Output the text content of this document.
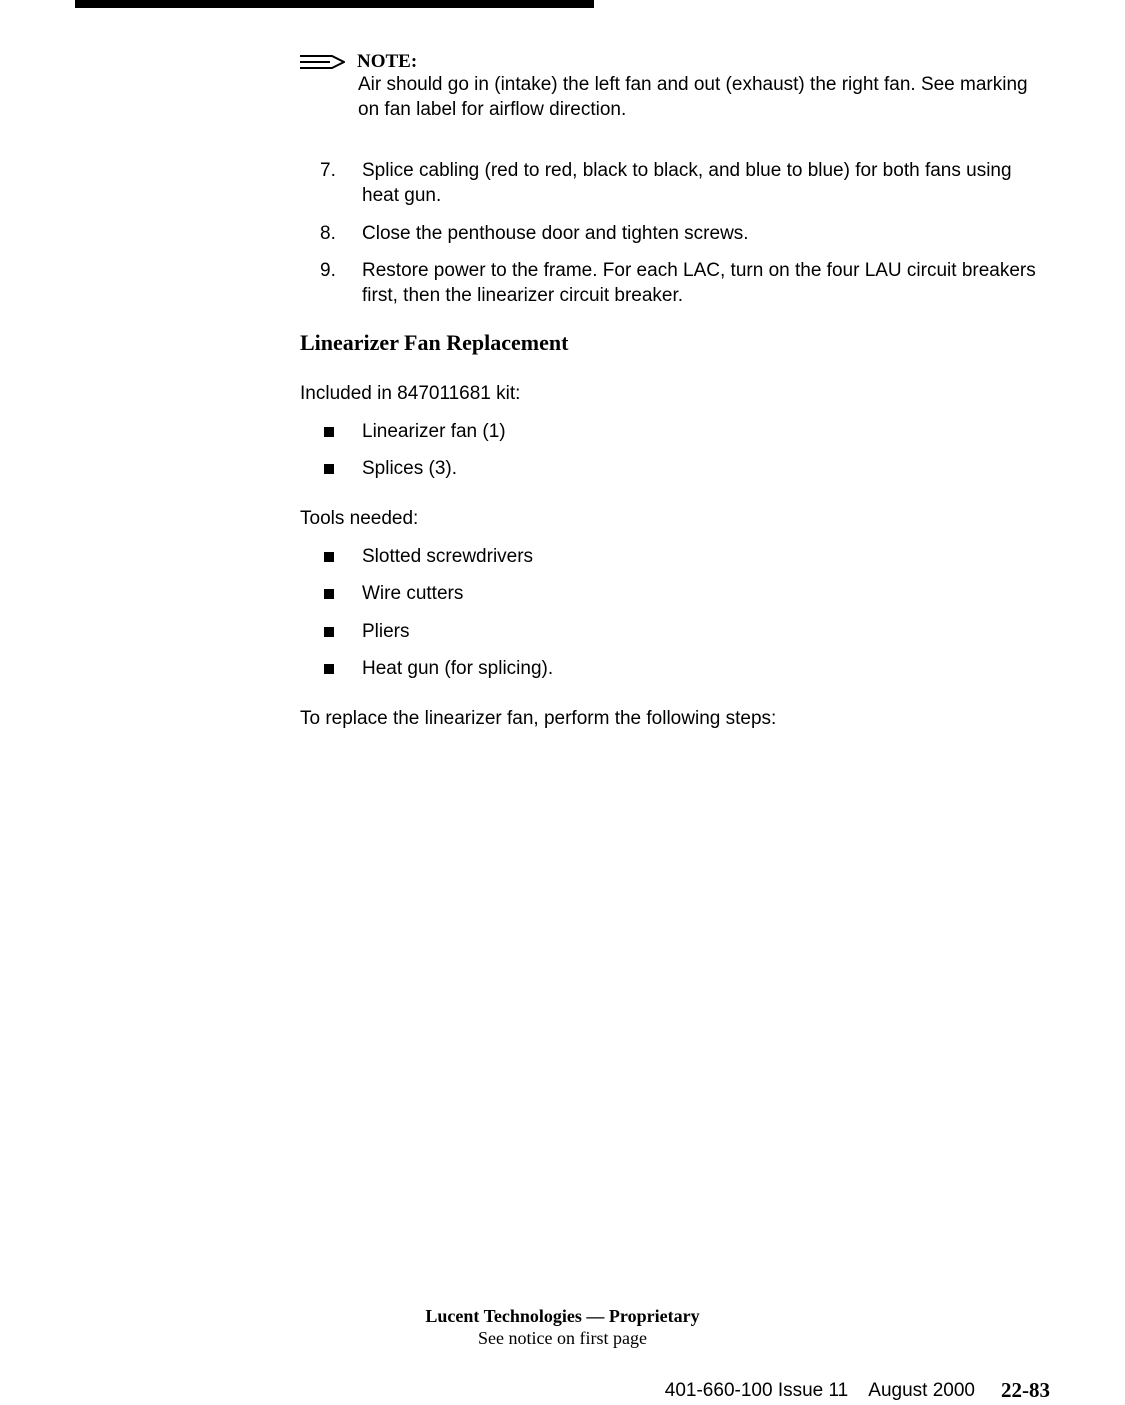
NOTE:
Air should go in (intake) the left fan and out (exhaust) the right fan. See marking on fan label for airflow direction.
7. Splice cabling (red to red, black to black, and blue to blue) for both fans using heat gun.
8. Close the penthouse door and tighten screws.
9. Restore power to the frame. For each LAC, turn on the four LAU circuit breakers first, then the linearizer circuit breaker.
Linearizer Fan Replacement
Included in 847011681 kit:
Linearizer fan (1)
Splices (3).
Tools needed:
Slotted screwdrivers
Wire cutters
Pliers
Heat gun (for splicing).
To replace the linearizer fan, perform the following steps:
Lucent Technologies — Proprietary
See notice on first page
401-660-100 Issue 11    August 2000 22-83
